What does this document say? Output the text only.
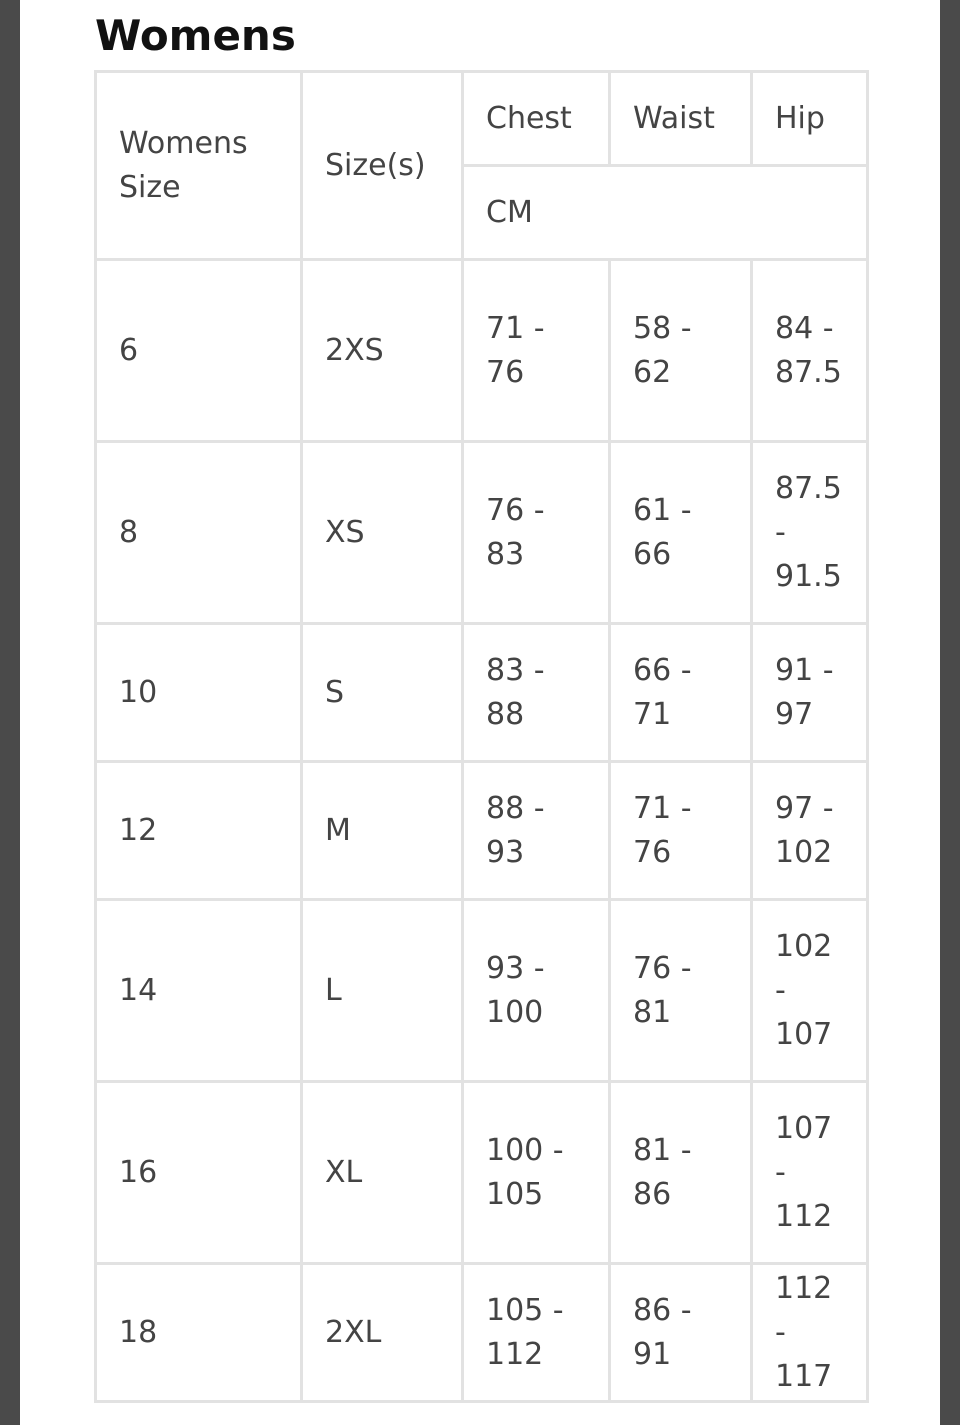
Womens
Womens Size	Size(s)	Chest	Waist	Hip
		CM		
6	2XS	71 - 76	58 - 62	84 - 87.5
8	XS	76 - 83	61 - 66	87.5 - 91.5
10	S	83 - 88	66 - 71	91 - 97
12	M	88 - 93	71 - 76	97 - 102
14	L	93 - 100	76 - 81	102 - 107
16	XL	100 - 105	81 - 86	107 - 112
18	2XL	105 - 112	86 - 91	112 - 117
